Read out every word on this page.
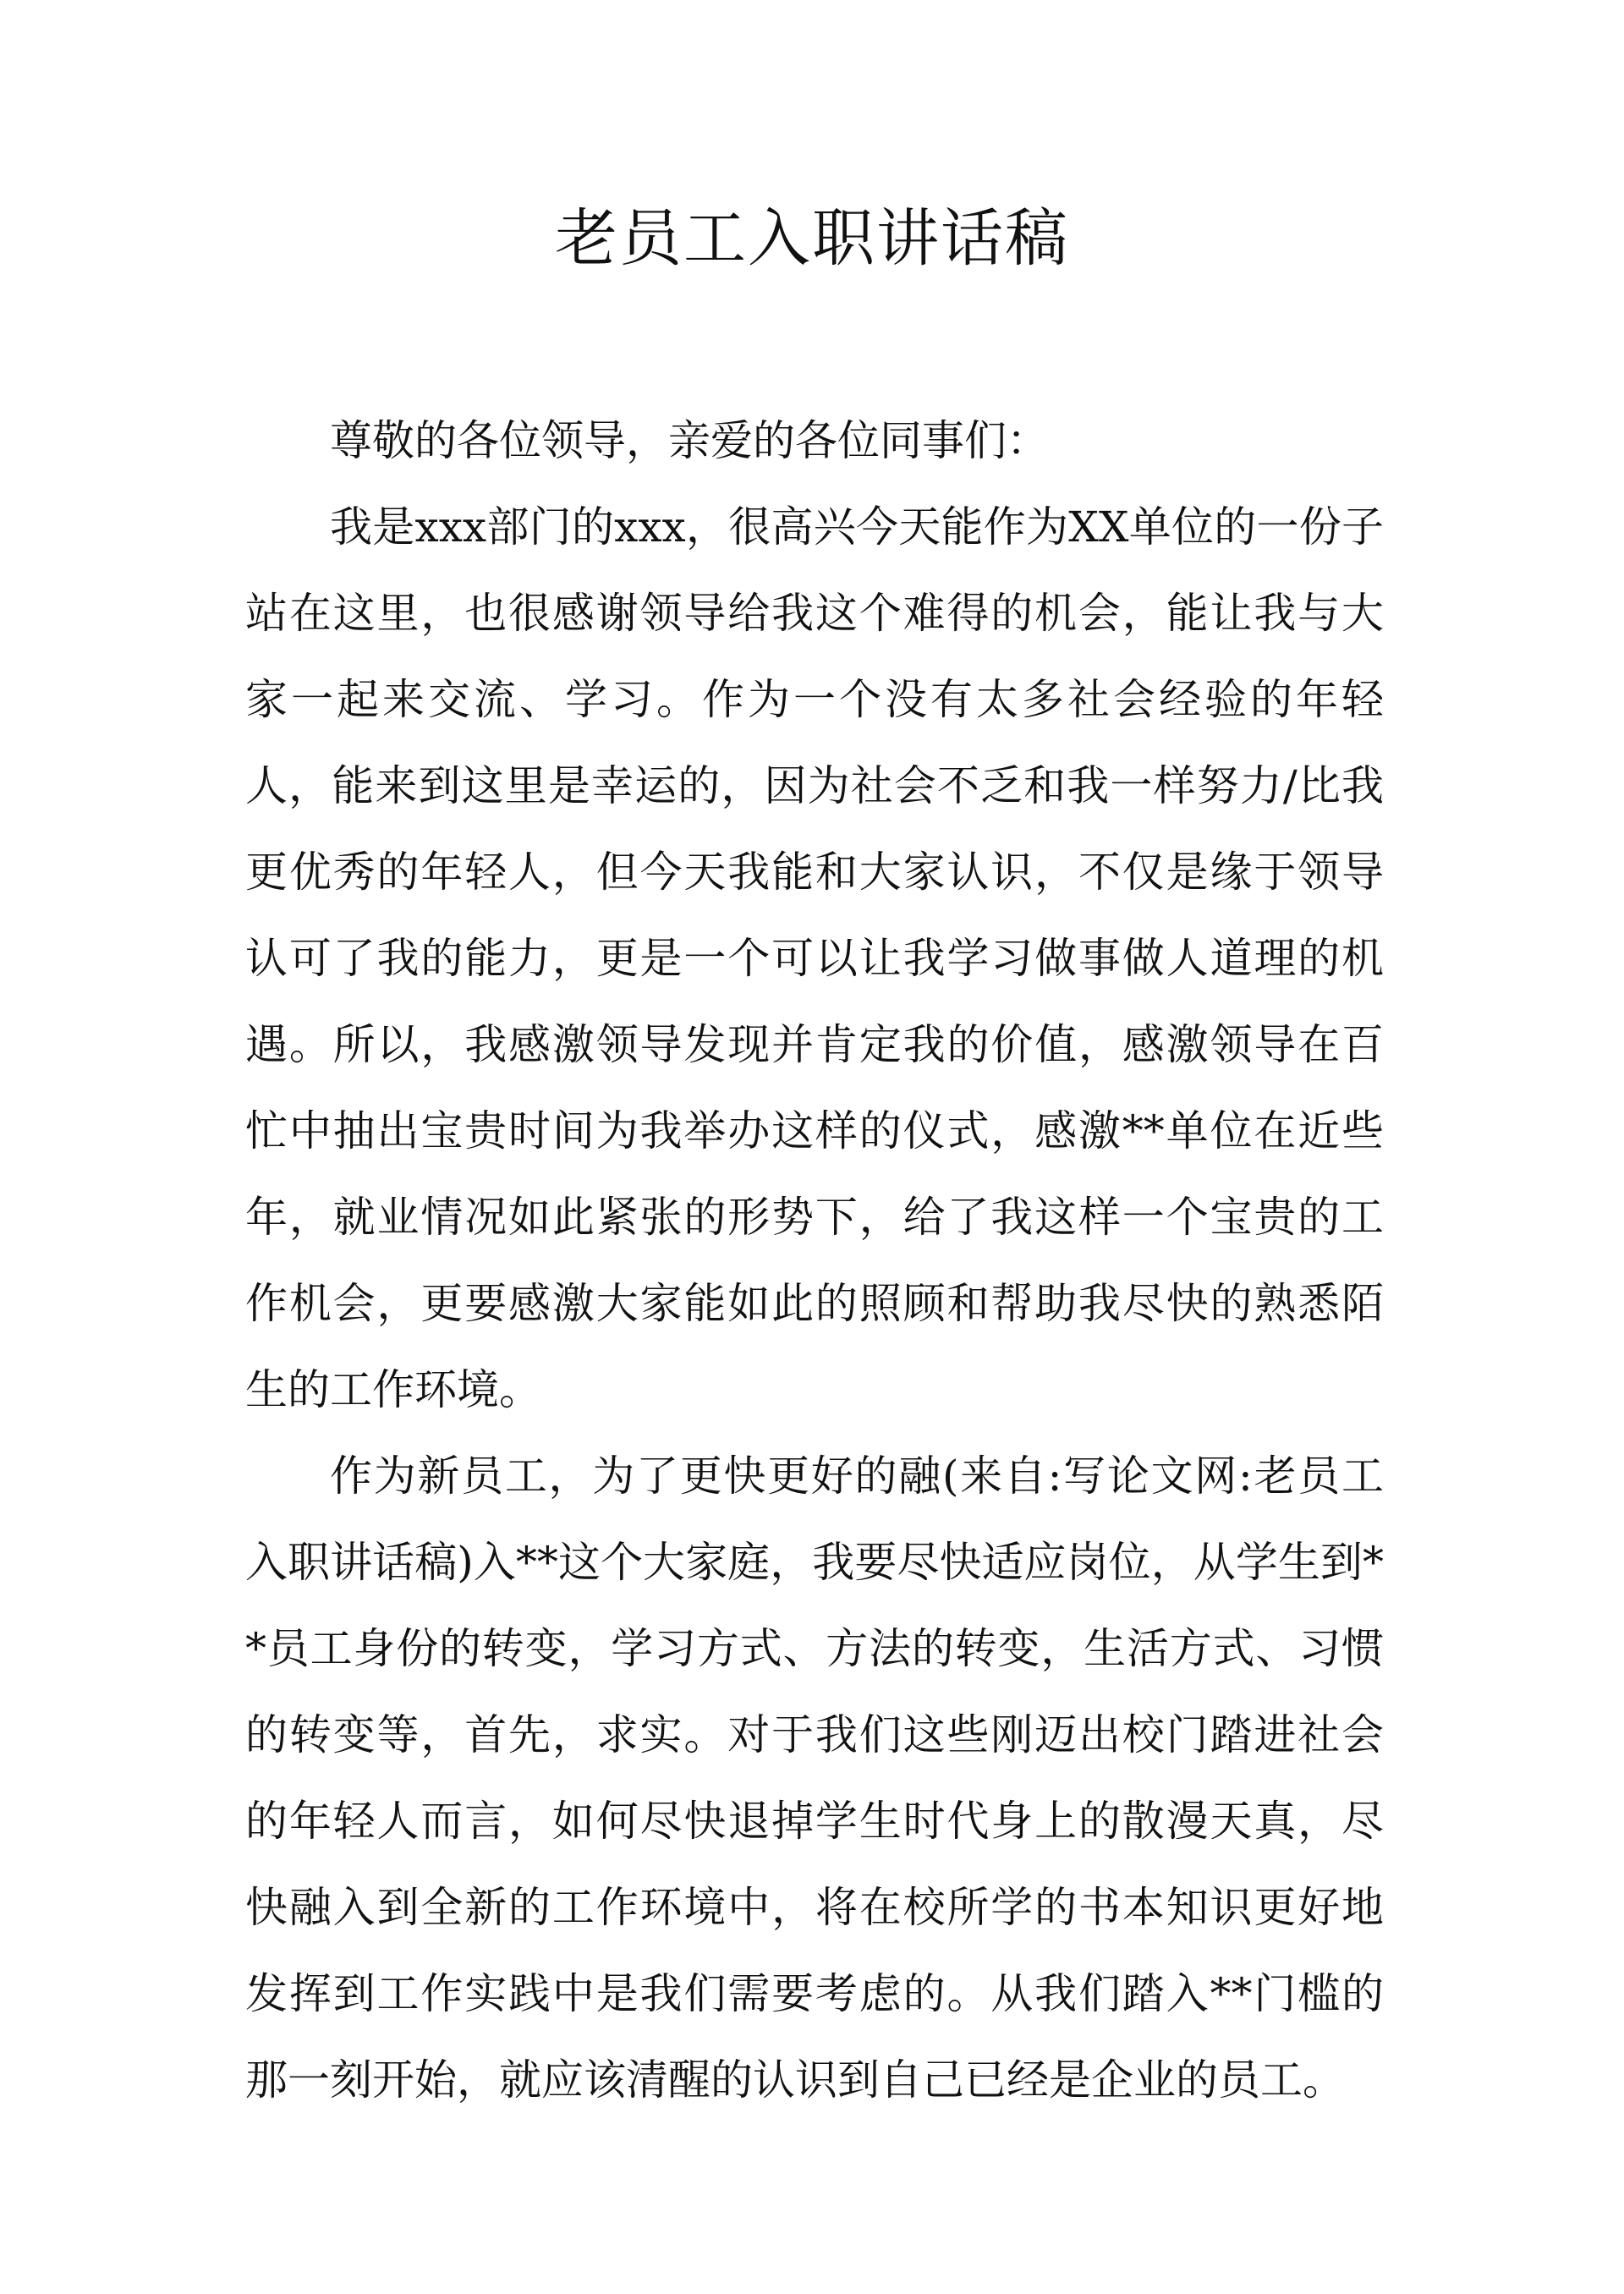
老员工入职讲话稿

尊敬的各位领导，亲爱的各位同事们：

我是xxx部门的xxx，很高兴今天能作为XX单位的一份子站在这里，也很感谢领导给我这个难得的机会，能让我与大家一起来交流、学习。作为一个没有太多社会经验的年轻人，能来到这里是幸运的，因为社会不乏和我一样努力/比我更优秀的年轻人，但今天我能和大家认识，不仅是缘于领导认可了我的能力，更是一个可以让我学习做事做人道理的机遇。所以，我感激领导发现并肯定我的价值，感激领导在百忙中抽出宝贵时间为我举办这样的仪式，感激**单位在近些年，就业情况如此紧张的形势下，给了我这样一个宝贵的工作机会，更要感激大家能如此的照顾和帮助我尽快的熟悉陌生的工作环境。

作为新员工，为了更快更好的融(来自:写论文网:老员工入职讲话稿)入**这个大家庭，我要尽快适应岗位，从学生到**员工身份的转变，学习方式、方法的转变，生活方式、习惯的转变等，首先，求实。对于我们这些刚迈出校门踏进社会的年轻人而言，如何尽快退掉学生时代身上的散漫天真，尽快融入到全新的工作环境中，将在校所学的书本知识更好地发挥到工作实践中是我们需要考虑的。从我们踏入**门槛的那一刻开始，就应该清醒的认识到自己已经是企业的员工。
